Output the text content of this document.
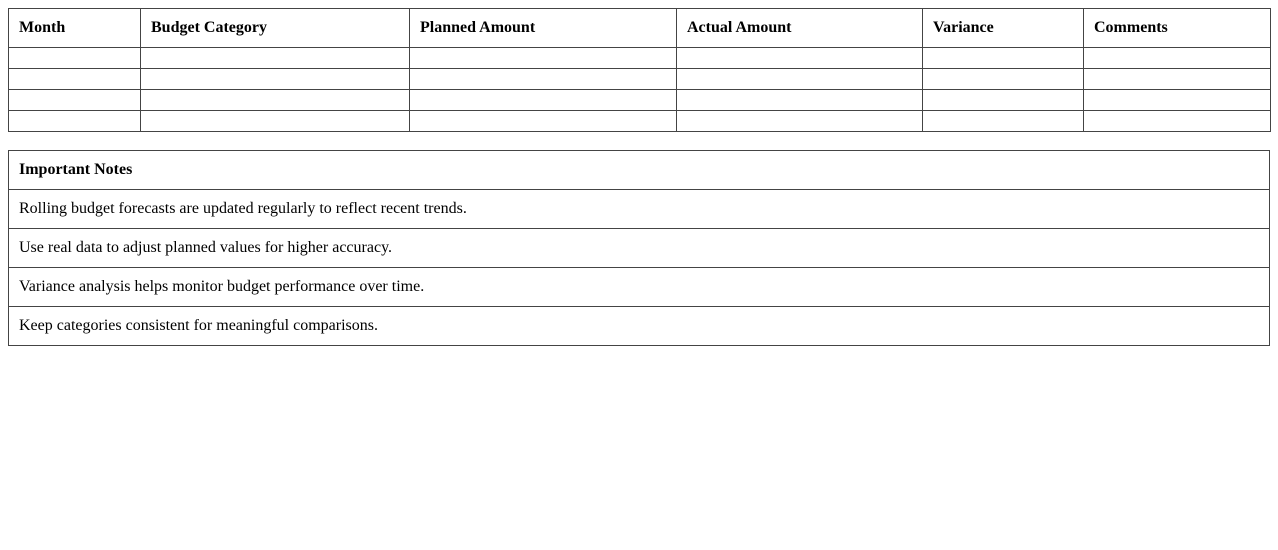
Month	Budget Category	Planned Amount	Actual Amount	Variance	Comments

Important Notes
Rolling budget forecasts are updated regularly to reflect recent trends.
Use real data to adjust planned values for higher accuracy.
Variance analysis helps monitor budget performance over time.
Keep categories consistent for meaningful comparisons.
